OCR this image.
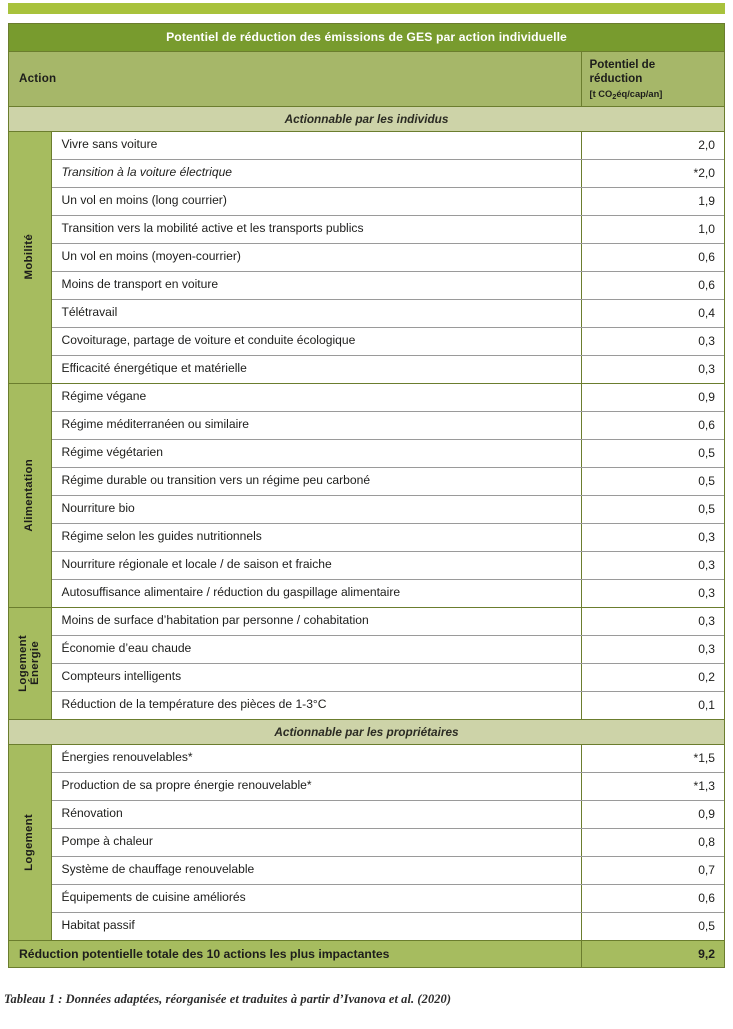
Potentiel de réduction des émissions de GES par action individuelle		
Action		Potentiel de
réduction
[t $CO_2éq/cap/an$]

Actionnable par les individus		

Mobilité	Vivre sans voiture	2,0
	Transition à la voiture électrique	*2,0
	Un vol en moins (long courrier)	1,9
	Transition vers la mobilité active et les transports publics	1,0
	Un vol en moins (moyen-courrier)	0,6
	Moins de transport en voiture	0,6
	Télétravail	0,4
	Covoiturage, partage de voiture et conduite écologique	0,3
	Efficacité énergétique et matérielle	0,3

Alimentation	Régime végane	0,9
	Régime méditerranéen ou similaire	0,6
	Régime végétarien	0,5
	Régime durable ou transition vers un régime peu carboné	0,5
	Nourriture bio	0,5
	Régime selon les guides nutritionnels	0,3
	Nourriture régionale et locale / de saison et fraiche	0,3
	Autosuffisance alimentaire / réduction du gaspillage alimentaire	0,3

Énergie
Logement	Moins de surface d’habitation par personne / cohabitation	0,3
	Économie d’eau chaude	0,3
	Compteurs intelligents	0,2
	Réduction de la température des pièces de 1-3°C	0,1
Actionnable par les propriétaires		

Logement	Énergies renouvelables*	*1,5
	Production de sa propre énergie renouvelable*	*1,3
	Rénovation	0,9
	Pompe à chaleur	0,8
	Système de chauffage renouvelable	0,7
	Équipements de cuisine améliorés	0,6
	Habitat passif	0,5
Réduction potentielle totale des 10 actions les plus impactantes		9,2
Tableau 1 : Données adaptées, réorganisée et traduites à partir d’Ivanova et al. (2020)
